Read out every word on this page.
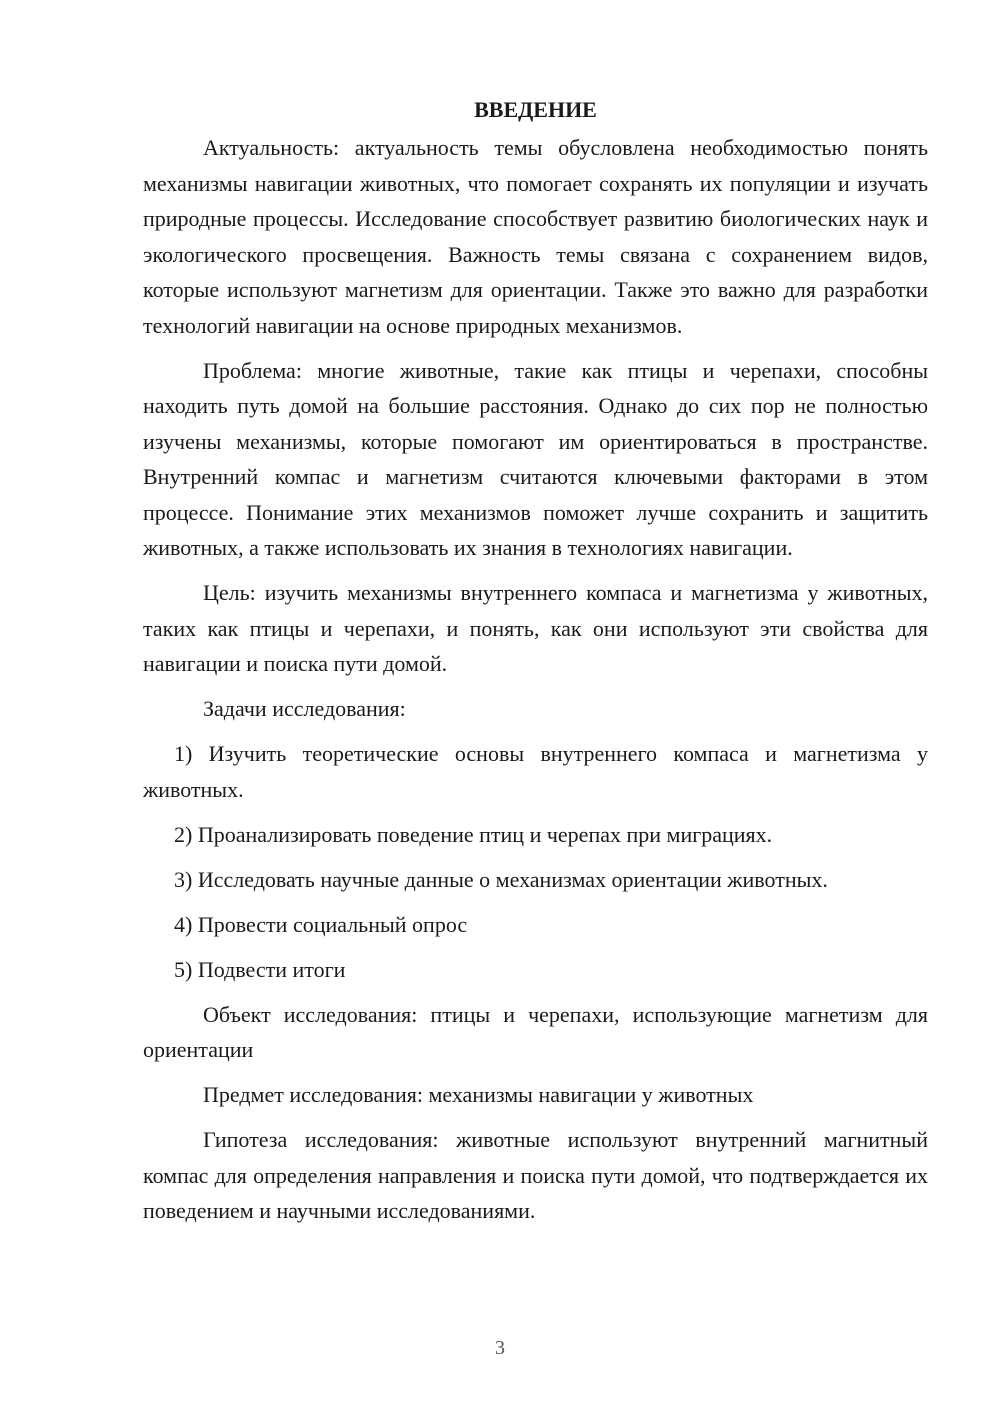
ВВЕДЕНИЕ

Актуальность: актуальность темы обусловлена необходимостью понять механизмы навигации животных, что помогает сохранять их популяции и изучать природные процессы. Исследование способствует развитию биологических наук и экологического просвещения. Важность темы связана с сохранением видов, которые используют магнетизм для ориентации. Также это важно для разработки технологий навигации на основе природных механизмов.

Проблема: многие животные, такие как птицы и черепахи, способны находить путь домой на большие расстояния. Однако до сих пор не полностью изучены механизмы, которые помогают им ориентироваться в пространстве. Внутренний компас и магнетизм считаются ключевыми факторами в этом процессе. Понимание этих механизмов поможет лучше сохранить и защитить животных, а также использовать их знания в технологиях навигации.

Цель: изучить механизмы внутреннего компаса и магнетизма у животных, таких как птицы и черепахи, и понять, как они используют эти свойства для навигации и поиска пути домой.

Задачи исследования:

1) Изучить теоретические основы внутреннего компаса и магнетизма у животных.

2) Проанализировать поведение птиц и черепах при миграциях.

3) Исследовать научные данные о механизмах ориентации животных.

4) Провести социальный опрос

5) Подвести итоги

Объект исследования: птицы и черепахи, использующие магнетизм для ориентации

Предмет исследования: механизмы навигации у животных

Гипотеза исследования: животные используют внутренний магнитный компас для определения направления и поиска пути домой, что подтверждается их поведением и научными исследованиями.

3
